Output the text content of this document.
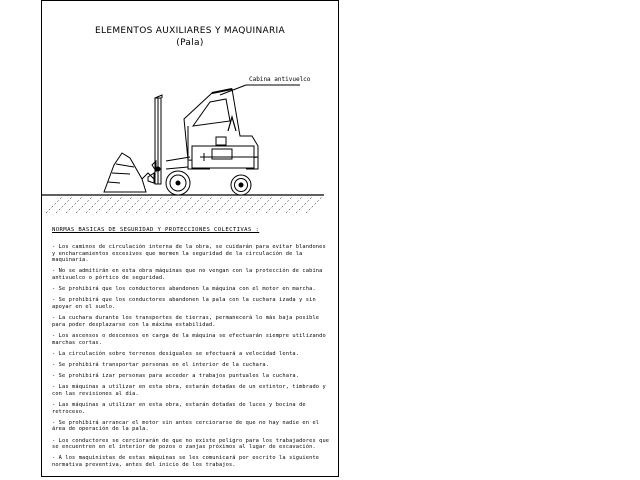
ELEMENTOS AUXILIARES Y MAQUINARIA
(Pala)
Cabina antivuelco
NORMAS BASICAS DE SEGURIDAD Y PROTECCIONES COLECTIVAS :
- Los caminos de circulación interna de la obra, se cuidarán para evitar blandones y encharcamientos excesivos que mermen la seguridad de la circulación de la maquinaria.
- No se admitirán en esta obra máquinas que no vengan con la protección de cabina antivuelco o pórtico de seguridad.
- Se prohibirá que los conductores abandonen la máquina con el motor en marcha.
- Se prohibirá que los conductores abandonen la pala con la cuchara izada y sin apoyar en el suelo.
- La cuchara durante los transportes de tierras, permanecerá lo más baja posible para poder desplazarse con la máxima estabilidad.
- Los ascensos o descensos en carga de la máquina se efectuarán siempre utilizando marchas cortas.
- La circulación sobre terrenos desiguales se efectuará a velocidad lenta.
- Se prohibirá transportar personas en el interior de la cuchara.
- Se prohibirá izar personas para acceder a trabajos puntuales la cuchara.
- Las máquinas a utilizar en esta obra, estarán dotadas de un extintor, timbrado y con las revisiones al día.
- Las máquinas a utilizar en esta obra, estarán dotadas de luces y bocina de retroceso.
- Se prohibirá arrancar el motor sin antes cerciorarse de que no hay nadie en el área de operación de la pala.
- Los conductores se cerciorarán de que no existe peligro para los trabajadores que se encuentren en el interior de pozos o zanjas próximos al lugar de excavación.
- A los maquinistas de estas máquinas se les comunicará por escrito la siguiente normativa preventiva, antes del inicio de los trabajos.
